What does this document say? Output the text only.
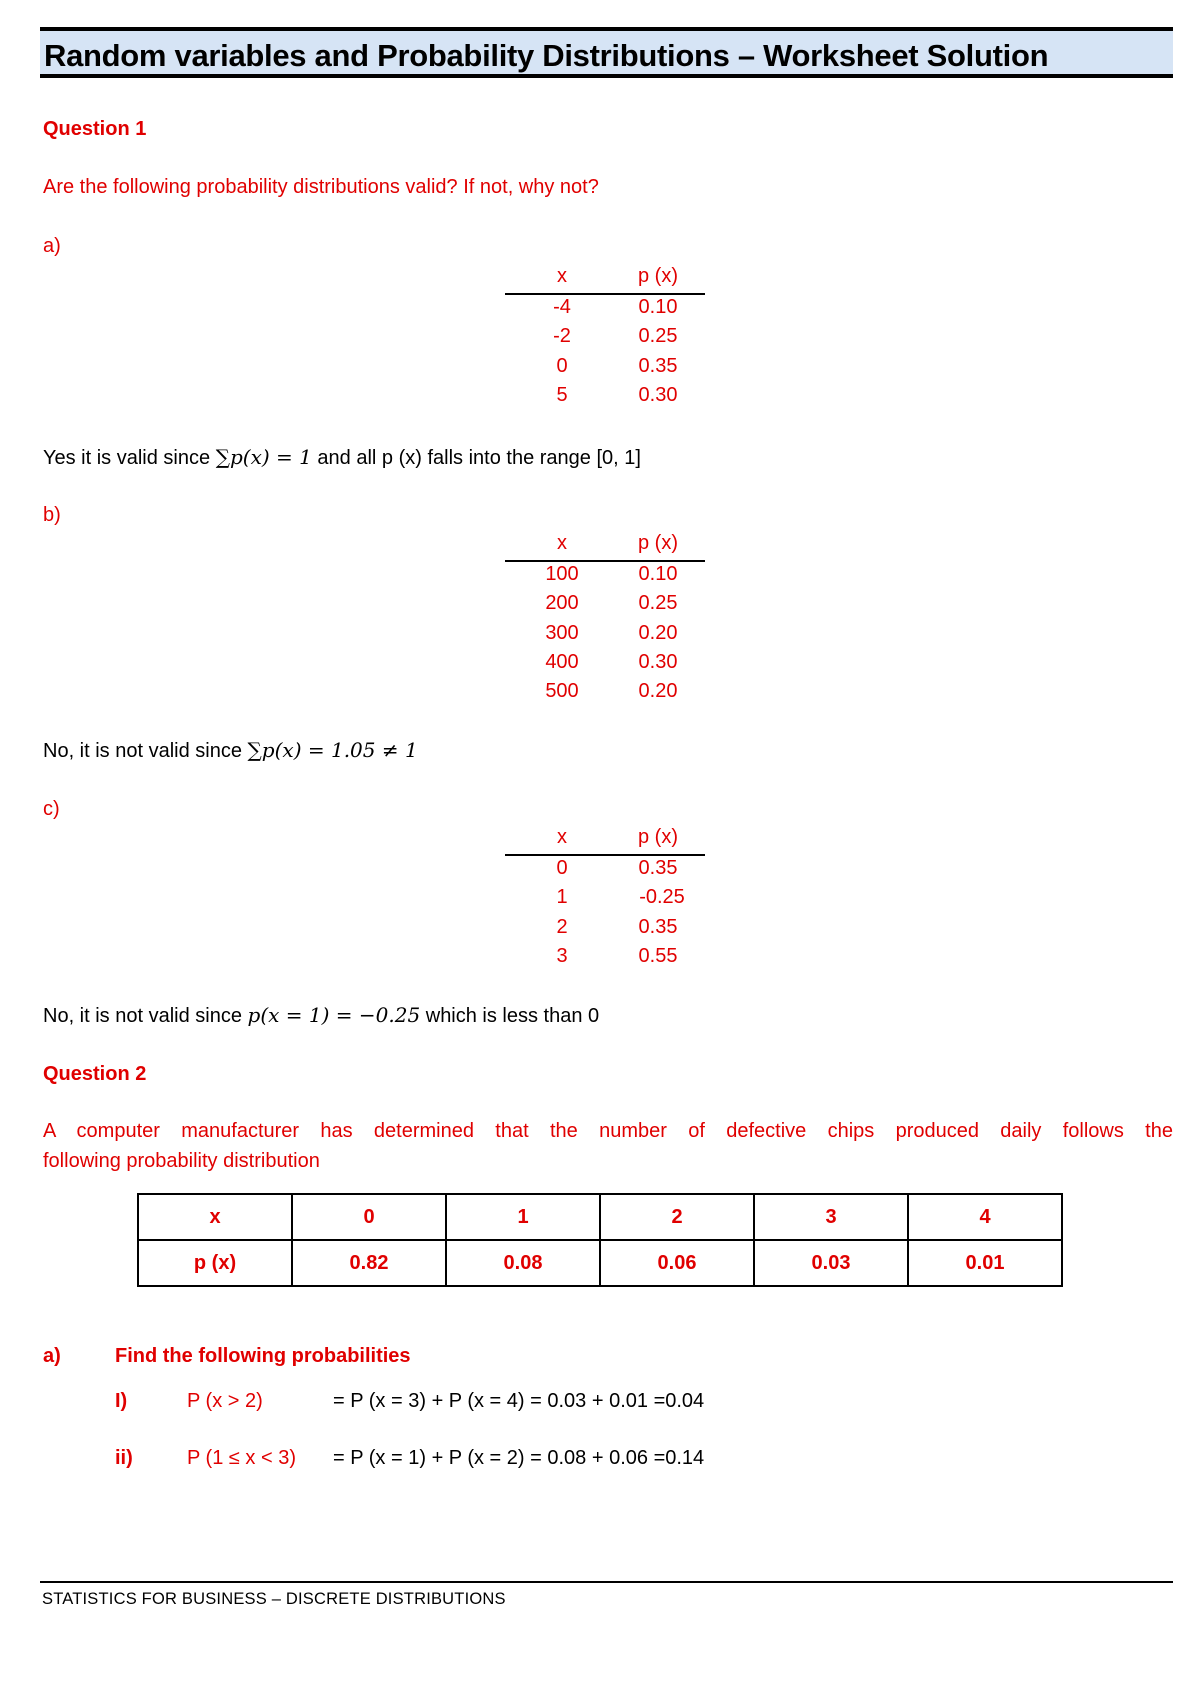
Random variables and Probability Distributions – Worksheet Solution
Question 1
Are the following probability distributions valid? If not, why not?
a)
x	p (x)
-4	0.10
-2	0.25
0	0.35
5	0.30
Yes it is valid since ∑p(x) = 1 and all p (x) falls into the range [0, 1]
b)
x	p (x)
100	0.10
200	0.25
300	0.20
400	0.30
500	0.20
No, it is not valid since ∑p(x) = 1.05 ≠ 1
c)
x	p (x)
0	0.35
1	-0.25
2	0.35
3	0.55
No, it is not valid since p(x = 1) = −0.25 which is less than 0
Question 2
A computer manufacturer has determined that the number of defective chips produced daily follows the
following probability distribution
x	0	1	2	3	4
p (x)	0.82	0.08	0.06	0.03	0.01
a)	Find the following probabilities
I)	P (x > 2)	= P (x = 3) + P (x = 4) = 0.03 + 0.01 =0.04
ii)	P (1 ≤ x < 3) = P (x = 1) + P (x = 2) = 0.08 + 0.06 =0.14
STATISTICS FOR BUSINESS – DISCRETE DISTRIBUTIONS
